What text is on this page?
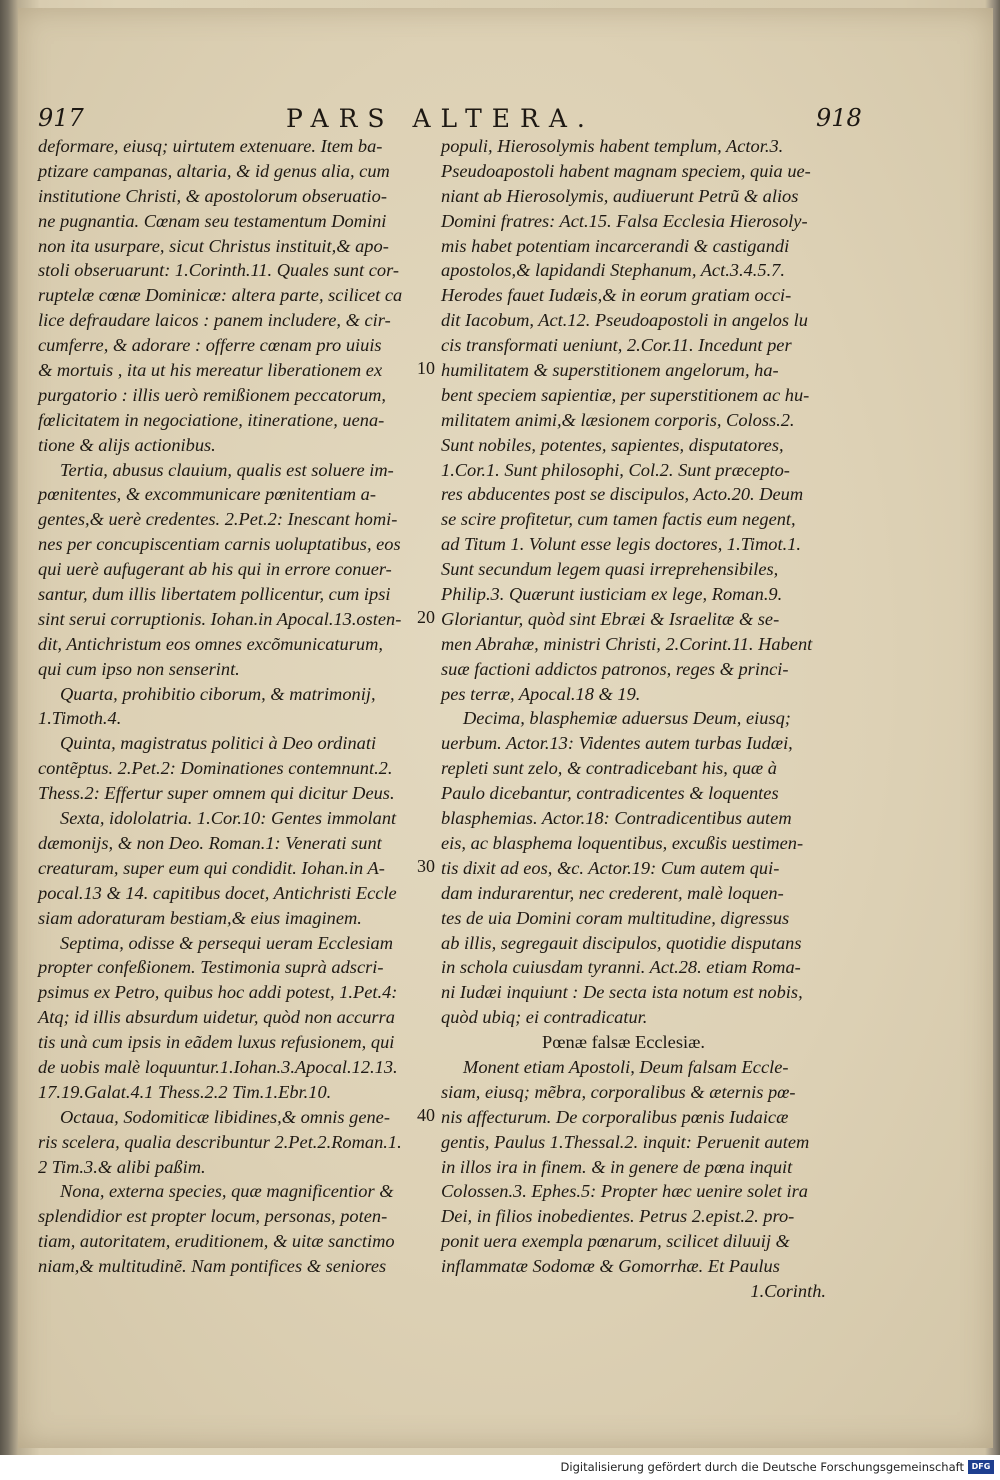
917	PARS ALTERA.	918
deformare, eiusq; uirtutem extenuare. Item ba-
ptizare campanas, altaria, & id genus alia, cum
institutione Christi, & apostolorum obseruatio-
ne pugnantia. Cœnam seu testamentum Domini
non ita usurpare, sicut Christus instituit,& apo-
stoli obseruarunt: 1.Corinth.11. Quales sunt cor-
ruptelæ cœnæ Dominicæ: altera parte, scilicet ca
lice defraudare laicos : panem includere, & cir-
cumferre, & adorare : offerre cœnam pro uiuis
& mortuis , ita ut his mereatur liberationem ex
purgatorio : illis uerò remißionem peccatorum,
fœlicitatem in negociatione, itineratione, uena-
tione & alijs actionibus.
Tertia, abusus clauium, qualis est soluere im-
pœnitentes, & excommunicare pœnitentiam a-
gentes,& uerè credentes. 2.Pet.2: Inescant homi-
nes per concupiscentiam carnis uoluptatibus, eos
qui uerè aufugerant ab his qui in errore conuer-
santur, dum illis libertatem pollicentur, cum ipsi
sint serui corruptionis. Iohan.in Apocal.13.osten-
dit, Antichristum eos omnes excõmunicaturum,
qui cum ipso non senserint.
Quarta, prohibitio ciborum, & matrimonij,
1.Timoth.4.
Quinta, magistratus politici à Deo ordinati
contẽptus. 2.Pet.2: Dominationes contemnunt.2.
Thess.2: Effertur super omnem qui dicitur Deus.
Sexta, idololatria. 1.Cor.10: Gentes immolant
dæmonijs, & non Deo. Roman.1: Venerati sunt
creaturam, super eum qui condidit. Iohan.in A-
pocal.13 & 14. capitibus docet, Antichristi Eccle
siam adoraturam bestiam,& eius imaginem.
Septima, odisse & persequi ueram Ecclesiam
propter confeßionem. Testimonia suprà adscri-
psimus ex Petro, quibus hoc addi potest, 1.Pet.4:
Atq; id illis absurdum uidetur, quòd non accurra
tis unà cum ipsis in eãdem luxus refusionem, qui
de uobis malè loquuntur.1.Iohan.3.Apocal.12.13.
17.19.Galat.4.1 Thess.2.2 Tim.1.Ebr.10.
Octaua, Sodomiticæ libidines,& omnis gene-
ris scelera, qualia describuntur 2.Pet.2.Roman.1.
2 Tim.3.& alibi paßim.
Nona, externa species, quæ magnificentior &
splendidior est propter locum, personas, poten-
tiam, autoritatem, eruditionem, & uitæ sanctimo
niam,& multitudinẽ. Nam pontifices & seniores
10
20
30
40
populi, Hierosolymis habent templum, Actor.3.
Pseudoapostoli habent magnam speciem, quia ue-
niant ab Hierosolymis, audiuerunt Petrũ & alios
Domini fratres: Act.15. Falsa Ecclesia Hierosoly-
mis habet potentiam incarcerandi & castigandi
apostolos,& lapidandi Stephanum, Act.3.4.5.7.
Herodes fauet Iudæis,& in eorum gratiam occi-
dit Iacobum, Act.12. Pseudoapostoli in angelos lu
cis transformati ueniunt, 2.Cor.11. Incedunt per
humilitatem & superstitionem angelorum, ha-
bent speciem sapientiæ, per superstitionem ac hu-
militatem animi,& læsionem corporis, Coloss.2.
Sunt nobiles, potentes, sapientes, disputatores,
1.Cor.1. Sunt philosophi, Col.2. Sunt præcepto-
res abducentes post se discipulos, Acto.20. Deum
se scire profitetur, cum tamen factis eum negent,
ad Titum 1. Volunt esse legis doctores, 1.Timot.1.
Sunt secundum legem quasi irreprehensibiles,
Philip.3. Quærunt iusticiam ex lege, Roman.9.
Gloriantur, quòd sint Ebræi & Israelitæ & se-
men Abrahæ, ministri Christi, 2.Corint.11. Habent
suæ factioni addictos patronos, reges & princi-
pes terræ, Apocal.18 & 19.
Decima, blasphemiæ aduersus Deum, eiusq;
uerbum. Actor.13: Videntes autem turbas Iudæi,
repleti sunt zelo, & contradicebant his, quæ à
Paulo dicebantur, contradicentes & loquentes
blasphemias. Actor.18: Contradicentibus autem
eis, ac blasphema loquentibus, excußis uestimen-
tis dixit ad eos, &c. Actor.19: Cum autem qui-
dam indurarentur, nec crederent, malè loquen-
tes de uia Domini coram multitudine, digressus
ab illis, segregauit discipulos, quotidie disputans
in schola cuiusdam tyranni. Act.28. etiam Roma-
ni Iudæi inquiunt : De secta ista notum est nobis,
quòd ubiq; ei contradicatur.
Pœnæ falsæ Ecclesiæ.
Monent etiam Apostoli, Deum falsam Eccle-
siam, eiusq; mẽbra, corporalibus & æternis pœ-
nis affecturum. De corporalibus pœnis Iudaicæ
gentis, Paulus 1.Thessal.2. inquit: Peruenit autem
in illos ira in finem. & in genere de pœna inquit
Colossen.3. Ephes.5: Propter hæc uenire solet ira
Dei, in filios inobedientes. Petrus 2.epist.2. pro-
ponit uera exempla pœnarum, scilicet diluuij &
inflammatæ Sodomæ & Gomorrhæ. Et Paulus
1.Corinth.
Digitalisierung gefördert durch die Deutsche Forschungsgemeinschaft DFG
